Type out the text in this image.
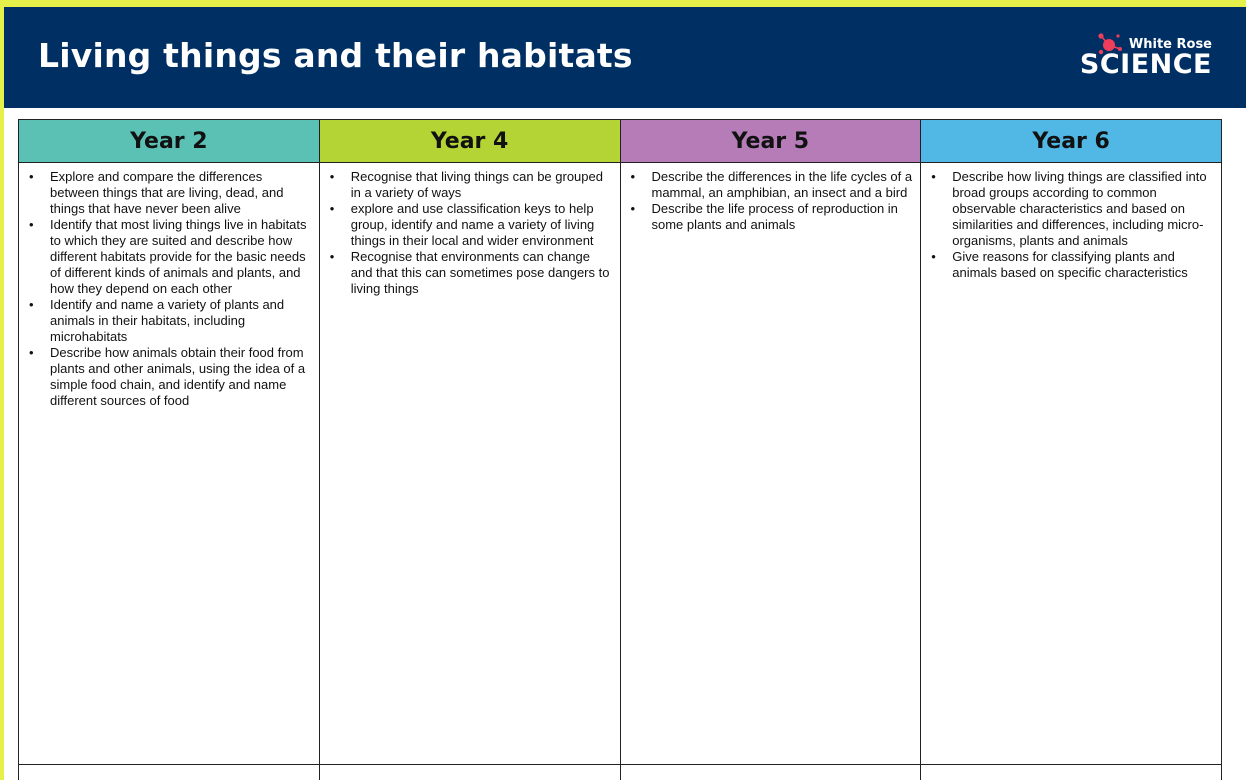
Living things and their habitats	White Rose
SCIENCE
Year 2
• Explore and compare the differences between things that are living, dead, and things that have never been alive
• Identify that most living things live in habitats to which they are suited and describe how different habitats provide for the basic needs of different kinds of animals and plants, and how they depend on each other
• Identify and name a variety of plants and animals in their habitats, including microhabitats
• Describe how animals obtain their food from plants and other animals, using the idea of a simple food chain, and identify and name different sources of food
Year 4
• Recognise that living things can be grouped in a variety of ways
• explore and use classification keys to help group, identify and name a variety of living things in their local and wider environment
• Recognise that environments can change and that this can sometimes pose dangers to living things
Year 5
• Describe the differences in the life cycles of a mammal, an amphibian, an insect and a bird
• Describe the life process of reproduction in some plants and animals
Year 6
• Describe how living things are classified into broad groups according to common observable characteristics and based on similarities and differences, including micro-organisms, plants and animals
• Give reasons for classifying plants and animals based on specific characteristics
